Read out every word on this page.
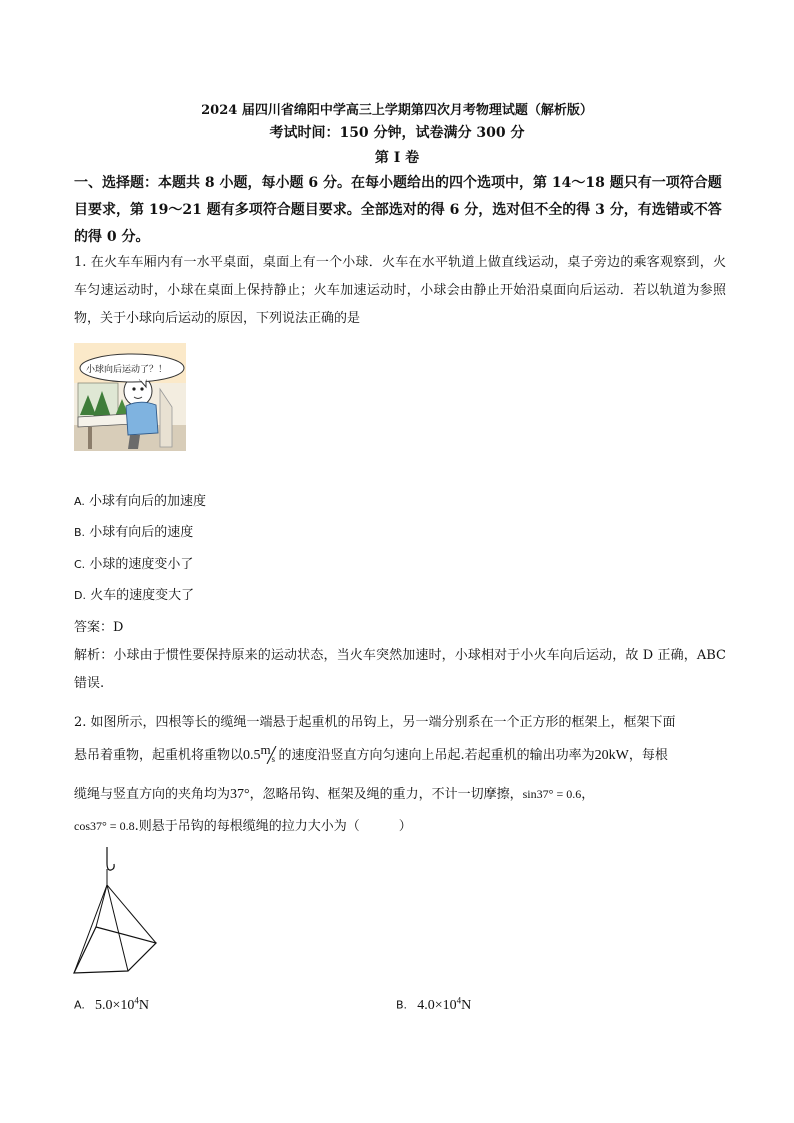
2024 届四川省绵阳中学高三上学期第四次月考物理试题（解析版）
考试时间：150 分钟，试卷满分 300 分
第 I 卷

一、选择题：本题共 8 小题，每小题 6 分。在每小题给出的四个选项中，第 14～18 题只有一项符合题目要求，第 19～21 题有多项符合题目要求。全部选对的得 6 分，选对但不全的得 3 分，有选错或不答的得 0 分。

1. 在火车车厢内有一水平桌面，桌面上有一个小球．火车在水平轨道上做直线运动，桌子旁边的乘客观察到，火车匀速运动时，小球在桌面上保持静止；火车加速运动时，小球会由静止开始沿桌面向后运动．若以轨道为参照物，关于小球向后运动的原因，下列说法正确的是

小球向后运动了？！
A. 小球有向后的加速度
B. 小球有向后的速度
C. 小球的速度变小了
D. 火车的速度变大了
答案：D

解析：小球由于惯性要保持原来的运动状态，当火车突然加速时，小球相对于小火车向后运动，故 D 正确，ABC 错误.

2. 如图所示，四根等长的缆绳一端悬于起重机的吊钩上，另一端分别系在一个正方形的框架上，框架下面
悬吊着重物，起重机将重物以0.5 m
s 的速度沿竖直方向匀速向上吊起.若起重机的输出功率为20kW，每根
缆绳与竖直方向的夹角均为37°，忽略吊钩、框架及绳的重力，不计一切摩擦，sin37° = 0.6，
cos37° = 0.8.则悬于吊钩的每根缆绳的拉力大小为（　　　）
A. $5.0\times 10^4N$	B. $4.0\times 10^4N$
